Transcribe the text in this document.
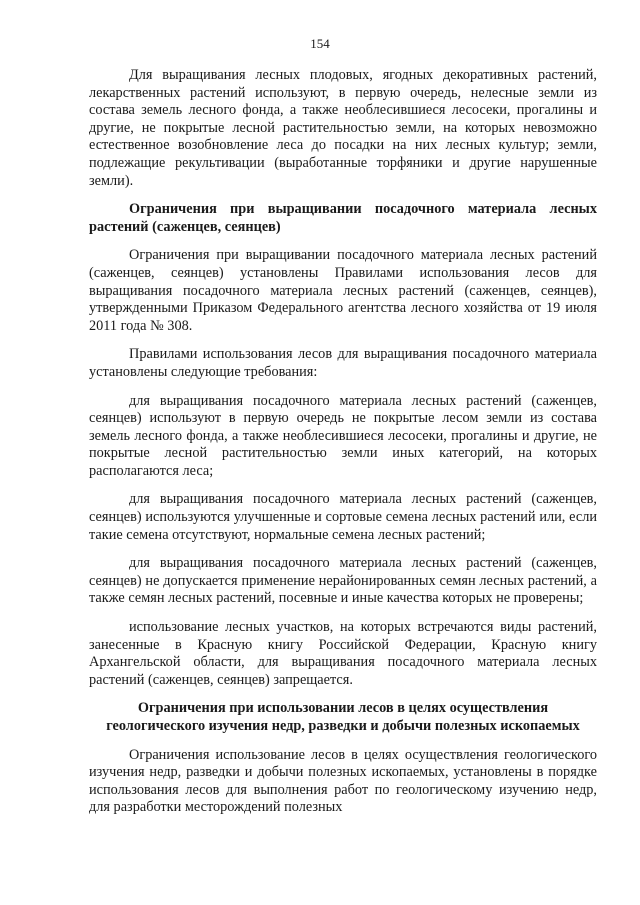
154

Для выращивания лесных плодовых, ягодных декоративных растений, лекарственных растений используют, в первую очередь, нелесные земли из состава земель лесного фонда, а также необлесившиеся лесосеки, прогалины и другие, не покрытые лесной растительностью земли, на которых невозможно естественное возобновление леса до посадки на них лесных культур; земли, подлежащие рекультивации (выработанные торфяники и другие нарушенные земли).

Ограничения при выращивании посадочного материала лесных растений (саженцев, сеянцев)

Ограничения при выращивании посадочного материала лесных растений (саженцев, сеянцев) установлены Правилами использования лесов для выращивания посадочного материала лесных растений (саженцев, сеянцев), утвержденными Приказом Федерального агентства лесного хозяйства от 19 июля 2011 года № 308.

Правилами использования лесов для выращивания посадочного материала установлены следующие требования:

для выращивания посадочного материала лесных растений (саженцев, сеянцев) используют в первую очередь не покрытые лесом земли из состава земель лесного фонда, а также необлесившиеся лесосеки, прогалины и другие, не покрытые лесной растительностью земли иных категорий, на которых располагаются леса;

для выращивания посадочного материала лесных растений (саженцев, сеянцев) используются улучшенные и сортовые семена лесных растений или, если такие семена отсутствуют, нормальные семена лесных растений;

для выращивания посадочного материала лесных растений (саженцев, сеянцев) не допускается применение нерайонированных семян лесных растений, а также семян лесных растений, посевные и иные качества которых не проверены;

использование лесных участков, на которых встречаются виды растений, занесенные в Красную книгу Российской Федерации, Красную книгу Архангельской области, для выращивания посадочного материала лесных растений (саженцев, сеянцев) запрещается.

Ограничения при использовании лесов в целях осуществления геологического изучения недр, разведки и добычи полезных ископаемых

Ограничения использование лесов в целях осуществления геологического изучения недр, разведки и добычи полезных ископаемых, установлены в порядке использования лесов для выполнения работ по геологическому изучению недр, для разработки месторождений полезных
